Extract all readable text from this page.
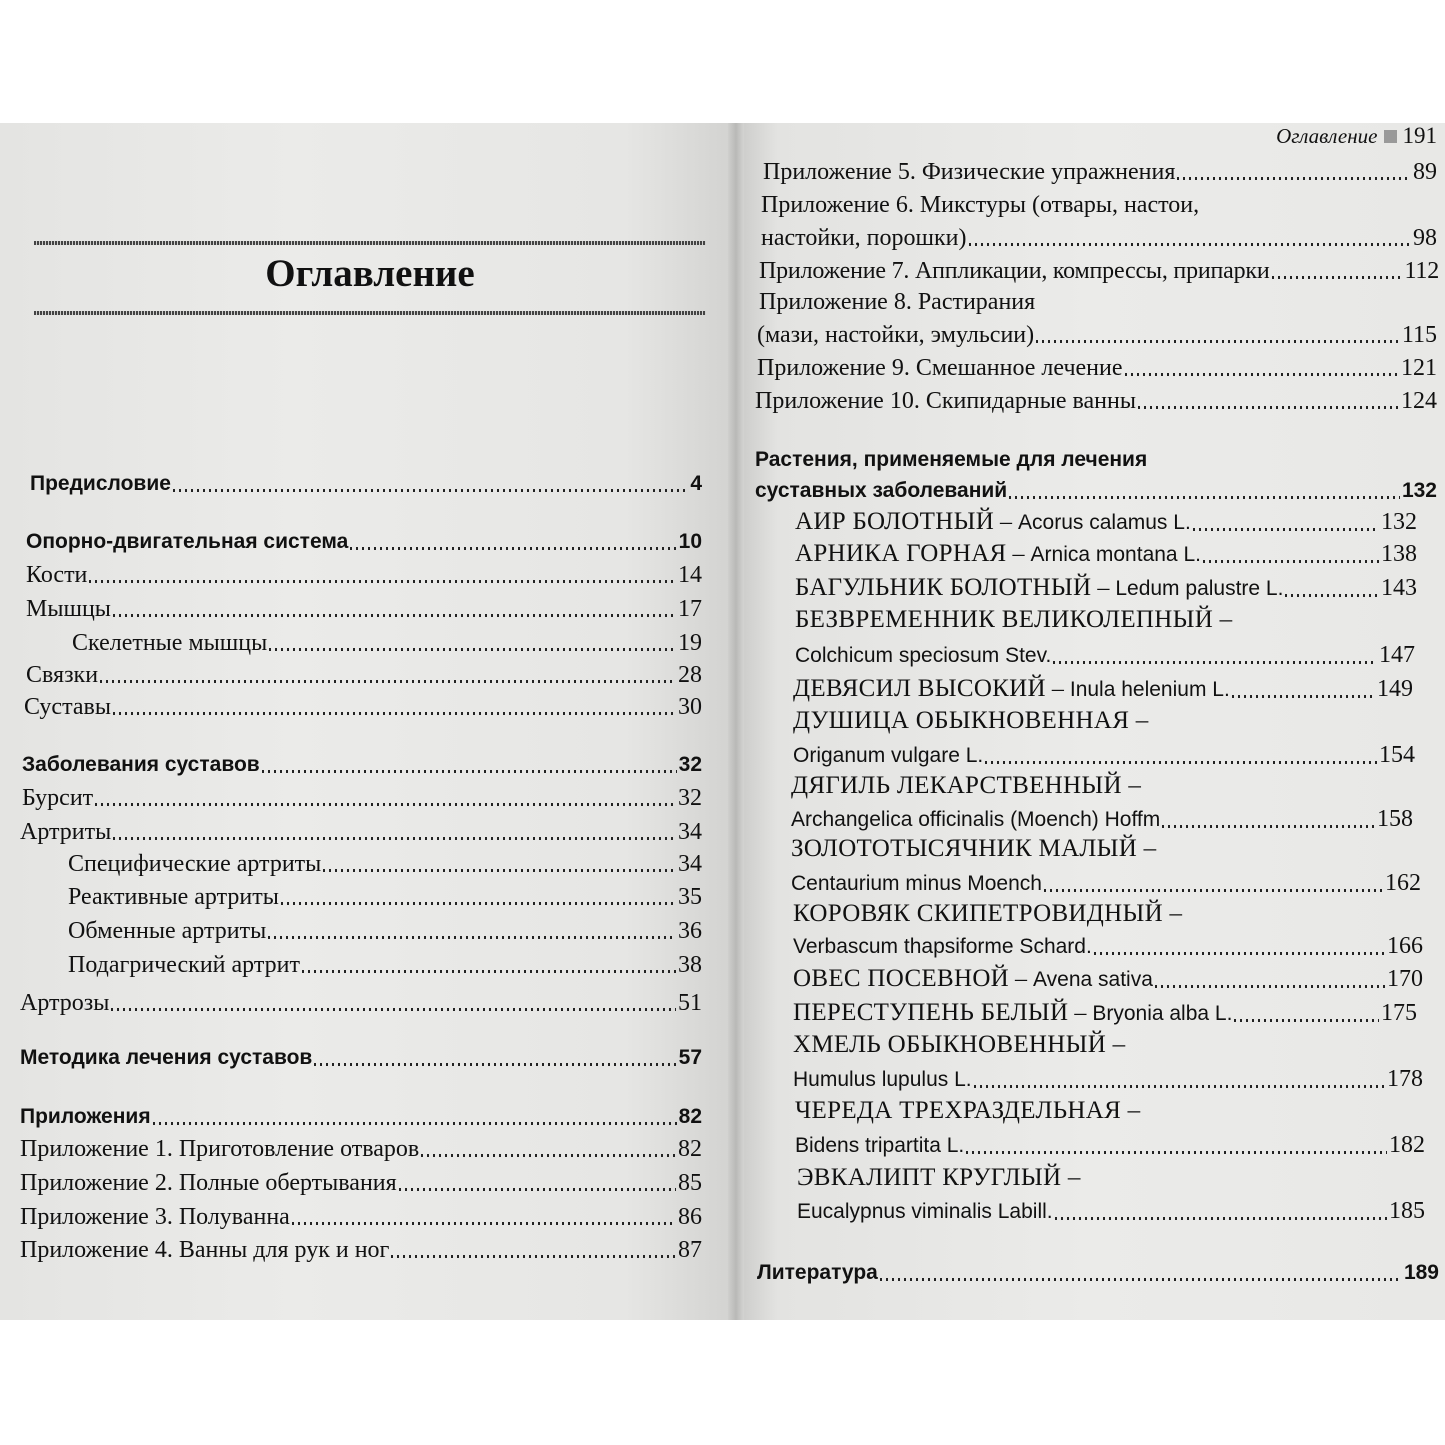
Оглавление
Предисловие	4
Опорно-двигательная система	10
Кости	14
Мышцы	17
Скелетные мышцы	19
Связки	28
Суставы	30
Заболевания суставов	32
Бурсит	32
Артриты	34
Специфические артриты	34
Реактивные артриты	35
Обменные артриты	36
Подагрический артрит	38
Артрозы	51
Методика лечения суставов	57
Приложения	82
Приложение 1. Приготовление отваров	82
Приложение 2. Полные обертывания	85
Приложение 3. Полуванна	86
Приложение 4. Ванны для рук и ног	87
Оглавление 191
Приложение 5. Физические упражнения	89
Приложение 6. Микстуры (отвары, настои,
настойки, порошки)	98
Приложение 7. Аппликации, компрессы, припарки	112
Приложение 8. Растирания
(мази, настойки, эмульсии)	115
Приложение 9. Смешанное лечение	121
Приложение 10. Скипидарные ванны	124
Растения, применяемые для лечения
суставных заболеваний	132
АИР БОЛОТНЫЙ – Acorus calamus L.	132
АРНИКА ГОРНАЯ – Arnica montana L.	138
БАГУЛЬНИК БОЛОТНЫЙ – Ledum palustre L.	143
БЕЗВРЕМЕННИК ВЕЛИКОЛЕПНЫЙ –
Colchicum speciosum Stev.	147
ДЕВЯСИЛ ВЫСОКИЙ – Inula helenium L.	149
ДУШИЦА ОБЫКНОВЕННАЯ –
Origanum vulgare L.	154
ДЯГИЛЬ ЛЕКАРСТВЕННЫЙ –
Archangelica officinalis (Moench) Hoffm	158
ЗОЛОТОТЫСЯЧНИК МАЛЫЙ –
Centaurium minus Moench	162
КОРОВЯК СКИПЕТРОВИДНЫЙ –
Verbascum thapsiforme Schard.	166
ОВЕС ПОСЕВНОЙ – Avena sativa	170
ПЕРЕСТУПЕНЬ БЕЛЫЙ – Bryonia alba L.	175
ХМЕЛЬ ОБЫКНОВЕННЫЙ –
Humulus lupulus L.	178
ЧЕРЕДА ТРЕХРАЗДЕЛЬНАЯ –
Bidens tripartita L.	182
ЭВКАЛИПТ КРУГЛЫЙ –
Eucalypnus viminalis Labill.	185
Литература	189
